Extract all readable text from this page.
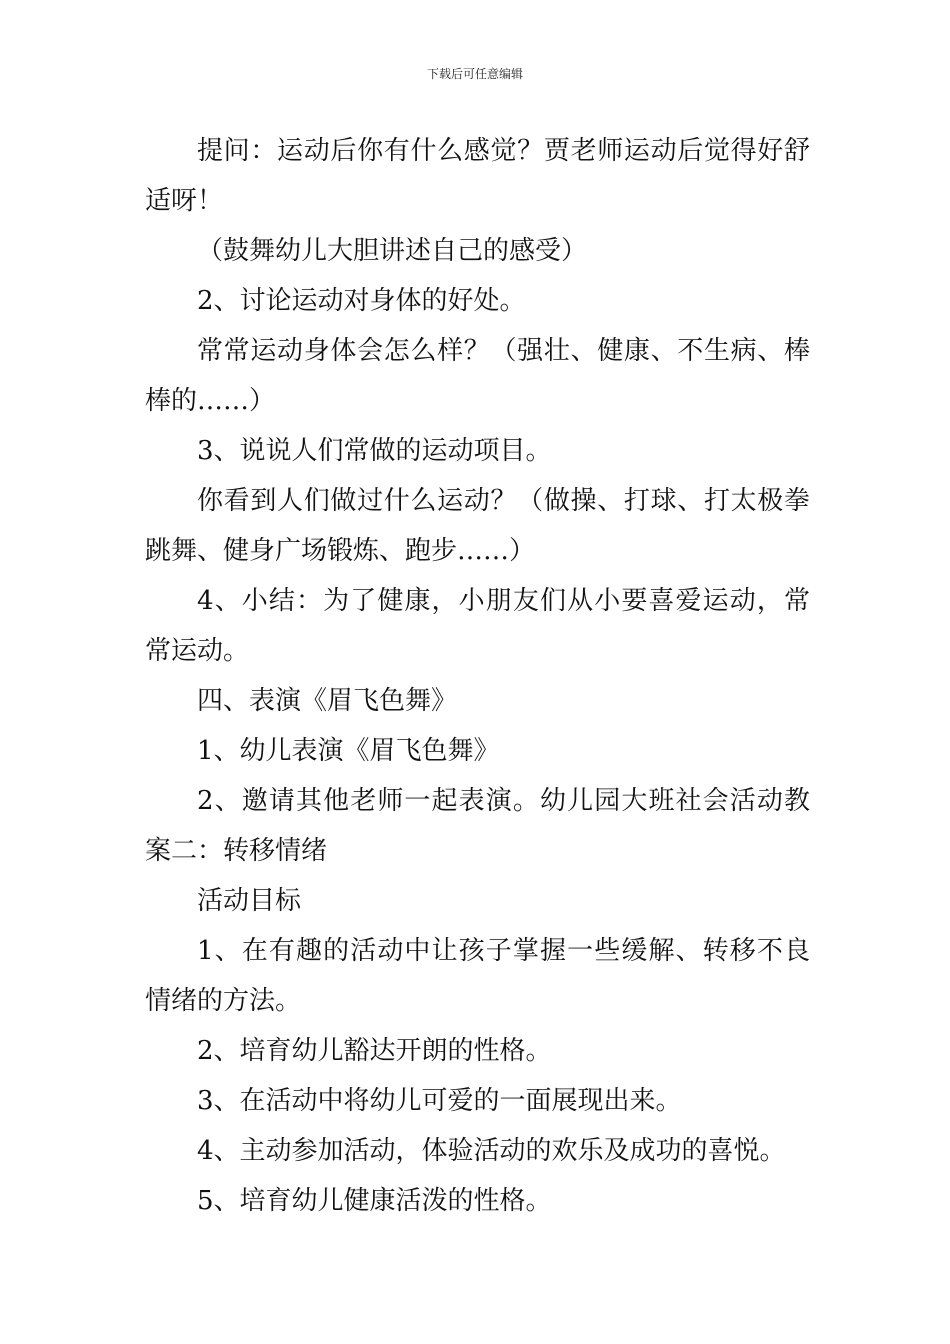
下载后可任意编辑

提问：运动后你有什么感觉？贾老师运动后觉得好舒适呀！

（鼓舞幼儿大胆讲述自己的感受）

2、讨论运动对身体的好处。

常常运动身体会怎么样？（强壮、健康、不生病、棒棒的……）

3、说说人们常做的运动项目。

你看到人们做过什么运动？（做操、打球、打太极拳跳舞、健身广场锻炼、跑步……）

4、小结：为了健康，小朋友们从小要喜爱运动，常常运动。

四、表演《眉飞色舞》

1、幼儿表演《眉飞色舞》

2、邀请其他老师一起表演。幼儿园大班社会活动教案二：转移情绪

活动目标

1、在有趣的活动中让孩子掌握一些缓解、转移不良情绪的方法。

2、培育幼儿豁达开朗的性格。

3、在活动中将幼儿可爱的一面展现出来。

4、主动参加活动，体验活动的欢乐及成功的喜悦。

5、培育幼儿健康活泼的性格。
